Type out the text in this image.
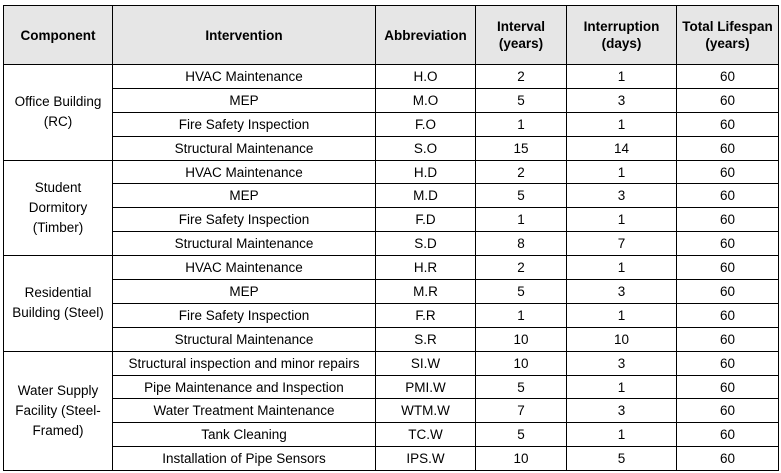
Component	Intervention	Abbreviation	Interval (years)	Interruption (days)	Total Lifespan (years)
Office Building (RC)	HVAC Maintenance	H.O	2	1	60
	MEP	M.O	5	3	60
	Fire Safety Inspection	F.O	1	1	60
	Structural Maintenance	S.O	15	14	60
Student Dormitory (Timber)	HVAC Maintenance	H.D	2	1	60
	MEP	M.D	5	3	60
	Fire Safety Inspection	F.D	1	1	60
	Structural Maintenance	S.D	8	7	60
Residential Building (Steel)	HVAC Maintenance	H.R	2	1	60
	MEP	M.R	5	3	60
	Fire Safety Inspection	F.R	1	1	60
	Structural Maintenance	S.R	10	10	60
Water Supply Facility (Steel-Framed)	Structural inspection and minor repairs	SI.W	10	3	60
	Pipe Maintenance and Inspection	PMI.W	5	1	60
	Water Treatment Maintenance	WTM.W	7	3	60
	Tank Cleaning	TC.W	5	1	60
	Installation of Pipe Sensors	IPS.W	10	5	60
